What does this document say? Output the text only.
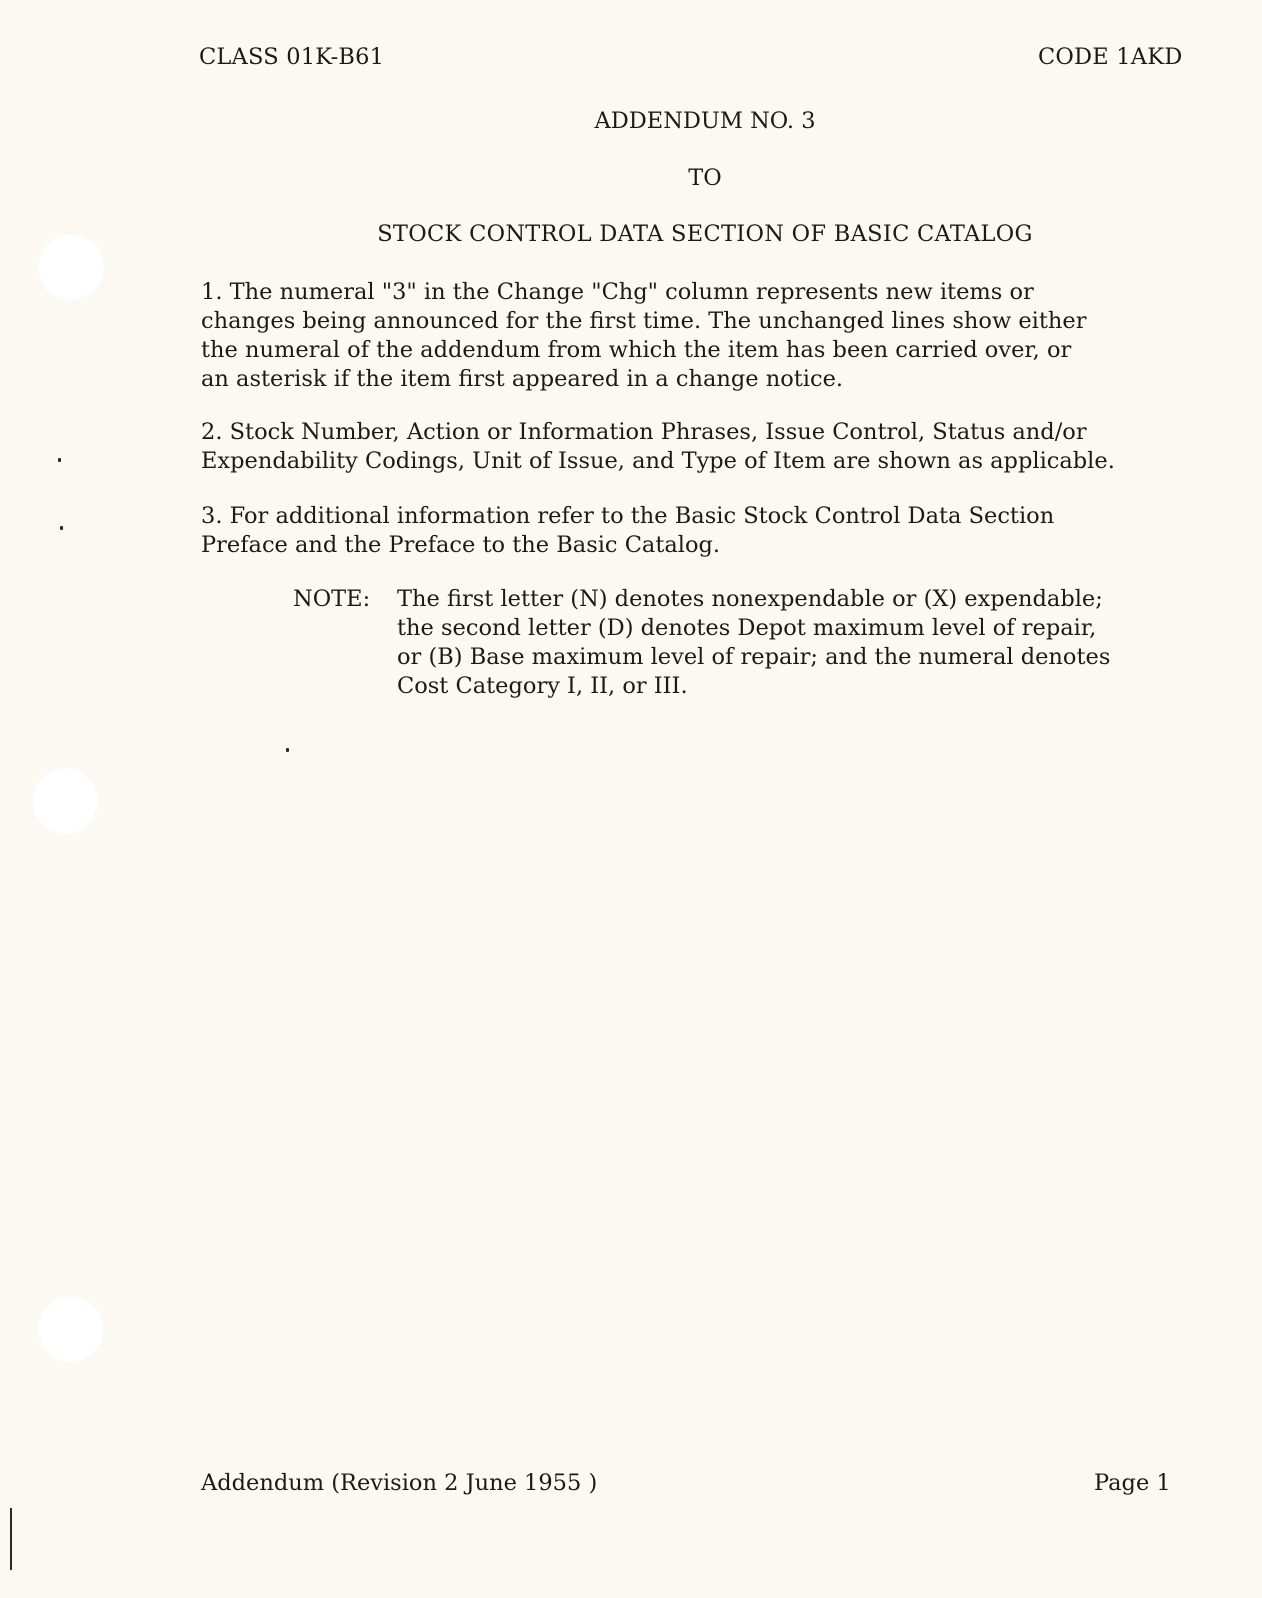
CLASS 01K-B61	CODE 1AKD
ADDENDUM NO. 3
TO
STOCK CONTROL DATA SECTION OF BASIC CATALOG
1. The numeral "3" in the Change "Chg" column represents new items or
changes being announced for the first time. The unchanged lines show either
the numeral of the addendum from which the item has been carried over, or
an asterisk if the item first appeared in a change notice.
2. Stock Number, Action or Information Phrases, Issue Control, Status and/or
Expendability Codings, Unit of Issue, and Type of Item are shown as applicable.
3. For additional information refer to the Basic Stock Control Data Section
Preface and the Preface to the Basic Catalog.
NOTE: The first letter (N) denotes nonexpendable or (X) expendable;
the second letter (D) denotes Depot maximum level of repair,
or (B) Base maximum level of repair; and the numeral denotes
Cost Category I, II, or III.
Addendum (Revision 2 June 1955 )	Page 1
